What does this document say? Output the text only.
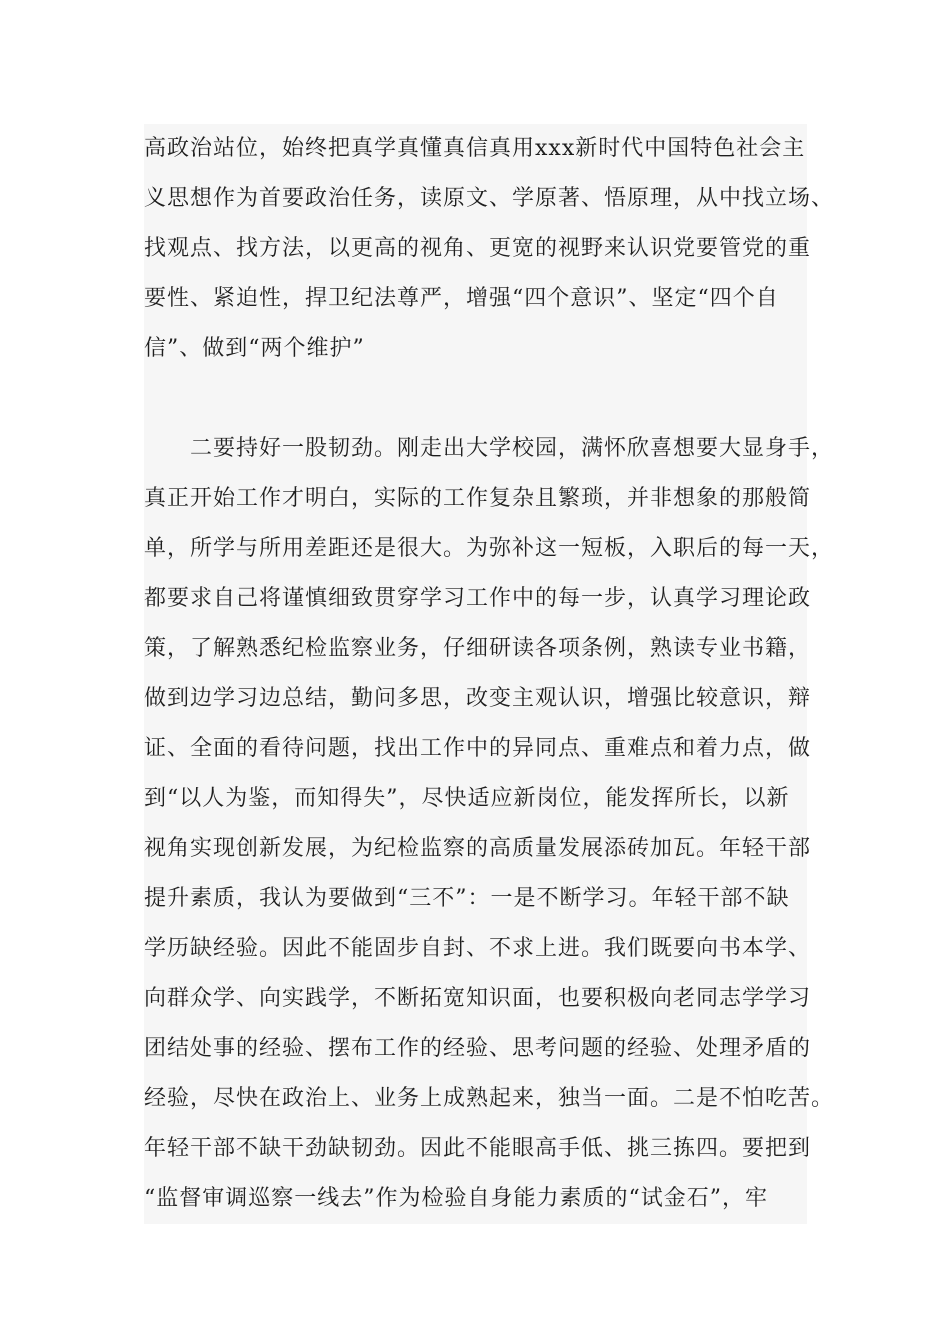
高政治站位，始终把真学真懂真信真用xxx新时代中国特色社会主
义思想作为首要政治任务，读原文、学原著、悟原理，从中找立场、
找观点、找方法，以更高的视角、更宽的视野来认识党要管党的重
要性、紧迫性，捍卫纪法尊严，增强“四个意识”、坚定“四个自
信”、做到“两个维护”
　　二要持好一股韧劲。刚走出大学校园，满怀欣喜想要大显身手，
真正开始工作才明白，实际的工作复杂且繁琐，并非想象的那般简
单，所学与所用差距还是很大。为弥补这一短板，入职后的每一天，
都要求自己将谨慎细致贯穿学习工作中的每一步，认真学习理论政
策，了解熟悉纪检监察业务，仔细研读各项条例，熟读专业书籍，
做到边学习边总结，勤问多思，改变主观认识，增强比较意识，辩
证、全面的看待问题，找出工作中的异同点、重难点和着力点，做
到“以人为鉴，而知得失”，尽快适应新岗位，能发挥所长，以新
视角实现创新发展，为纪检监察的高质量发展添砖加瓦。年轻干部
提升素质，我认为要做到“三不”：一是不断学习。年轻干部不缺
学历缺经验。因此不能固步自封、不求上进。我们既要向书本学、
向群众学、向实践学，不断拓宽知识面，也要积极向老同志学学习
团结处事的经验、摆布工作的经验、思考问题的经验、处理矛盾的
经验，尽快在政治上、业务上成熟起来，独当一面。二是不怕吃苦。
年轻干部不缺干劲缺韧劲。因此不能眼高手低、挑三拣四。要把到
“监督审调巡察一线去”作为检验自身能力素质的“试金石”，牢
